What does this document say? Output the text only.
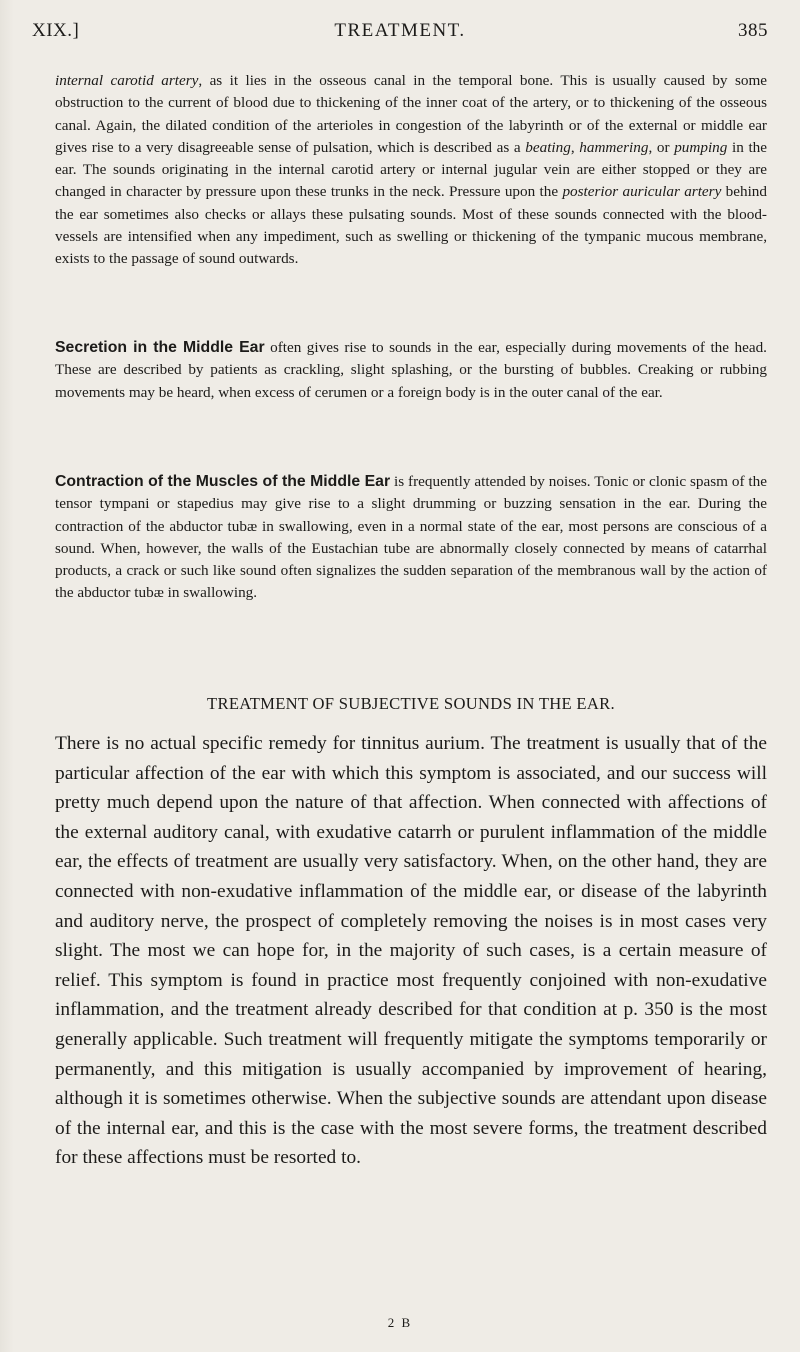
XIX.]	TREATMENT.	385

internal carotid artery, as it lies in the osseous canal in the temporal bone. This is usually caused by some obstruction to the current of blood due to thickening of the inner coat of the artery, or to thickening of the osseous canal. Again, the dilated condition of the arterioles in congestion of the labyrinth or of the external or middle ear gives rise to a very disagreeable sense of pulsation, which is described as a beating, hammering, or pumping in the ear. The sounds originating in the internal carotid artery or internal jugular vein are either stopped or they are changed in character by pressure upon these trunks in the neck. Pressure upon the posterior auricular artery behind the ear sometimes also checks or allays these pulsating sounds. Most of these sounds connected with the blood-vessels are intensified when any impediment, such as swelling or thickening of the tympanic mucous membrane, exists to the passage of sound outwards.

Secretion in the Middle Ear often gives rise to sounds in the ear, especially during movements of the head. These are described by patients as crackling, slight splashing, or the bursting of bubbles. Creaking or rubbing movements may be heard, when excess of cerumen or a foreign body is in the outer canal of the ear.

Contraction of the Muscles of the Middle Ear is frequently attended by noises. Tonic or clonic spasm of the tensor tympani or stapedius may give rise to a slight drumming or buzzing sensation in the ear. During the contraction of the abductor tubæ in swallowing, even in a normal state of the ear, most persons are conscious of a sound. When, however, the walls of the Eustachian tube are abnormally closely connected by means of catarrhal products, a crack or such like sound often signalizes the sudden separation of the membranous wall by the action of the abductor tubæ in swallowing.

TREATMENT OF SUBJECTIVE SOUNDS IN THE EAR.

There is no actual specific remedy for tinnitus aurium. The treatment is usually that of the particular affection of the ear with which this symptom is associated, and our success will pretty much depend upon the nature of that affection. When connected with affections of the external auditory canal, with exudative catarrh or purulent inflammation of the middle ear, the effects of treatment are usually very satisfactory. When, on the other hand, they are connected with non-exudative inflammation of the middle ear, or disease of the labyrinth and auditory nerve, the prospect of completely removing the noises is in most cases very slight. The most we can hope for, in the majority of such cases, is a certain measure of relief. This symptom is found in practice most frequently conjoined with non-exudative inflammation, and the treatment already described for that condition at p. 350 is the most generally applicable. Such treatment will frequently mitigate the symptoms temporarily or permanently, and this mitigation is usually accompanied by improvement of hearing, although it is sometimes otherwise. When the subjective sounds are attendant upon disease of the internal ear, and this is the case with the most severe forms, the treatment described for these affections must be resorted to.

2 B
